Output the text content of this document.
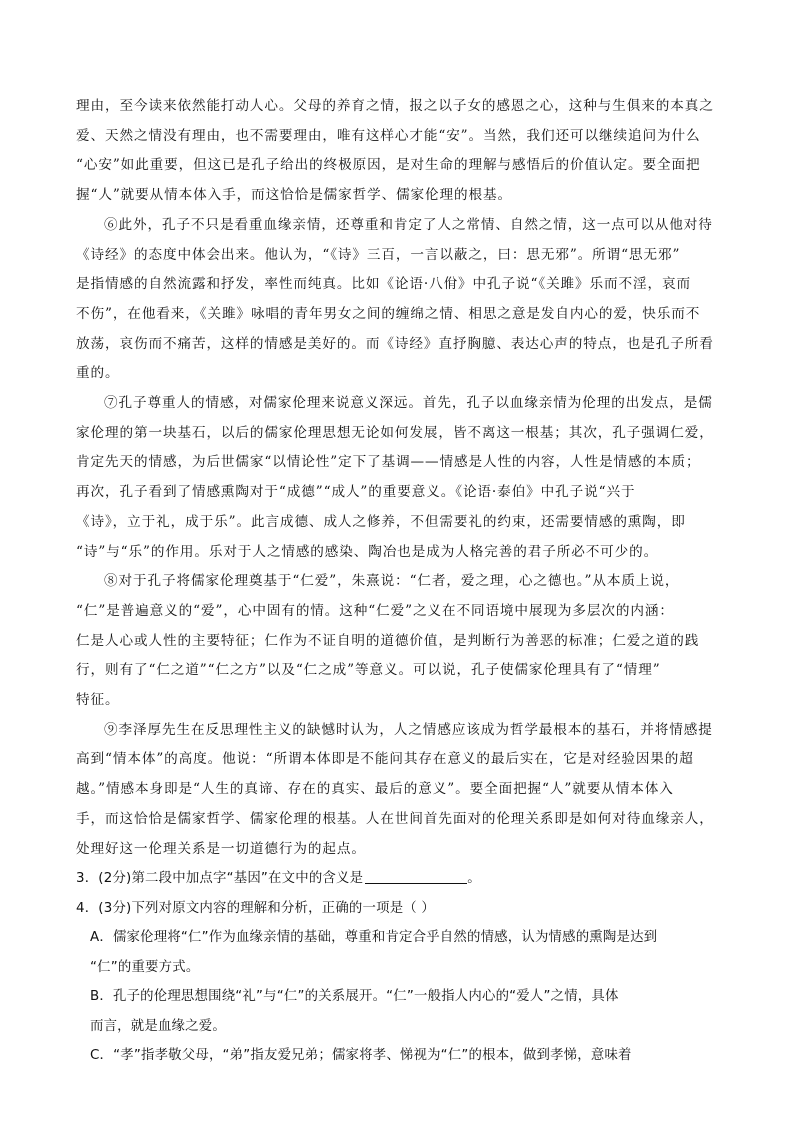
理由，至今读来依然能打动人心。父母的养育之情，报之以子女的感恩之心，这种与生俱来的本真之
爱、天然之情没有理由，也不需要理由，唯有这样心才能“安”。当然，我们还可以继续追问为什么
“心安”如此重要，但这已是孔子给出的终极原因，是对生命的理解与感悟后的价值认定。要全面把
握“人”就要从情本体入手，而这恰恰是儒家哲学、儒家伦理的根基。
⑥此外，孔子不只是看重血缘亲情，还尊重和肯定了人之常情、自然之情，这一点可以从他对待
《诗经》的态度中体会出来。他认为，“《诗》三百，一言以蔽之，曰：思无邪”。所谓“思无邪”
是指情感的自然流露和抒发，率性而纯真。比如《论语·八佾》中孔子说“《关雎》乐而不淫，哀而
不伤”，在他看来，《关雎》咏唱的青年男女之间的缠绵之情、相思之意是发自内心的爱，快乐而不
放荡，哀伤而不痛苦，这样的情感是美好的。而《诗经》直抒胸臆、表达心声的特点，也是孔子所看
重的。
⑦孔子尊重人的情感，对儒家伦理来说意义深远。首先，孔子以血缘亲情为伦理的出发点，是儒
家伦理的第一块基石，以后的儒家伦理思想无论如何发展，皆不离这一根基；其次，孔子强调仁爱，
肯定先天的情感，为后世儒家“以情论性”定下了基调——情感是人性的内容，人性是情感的本质；
再次，孔子看到了情感熏陶对于“成德”“成人”的重要意义。《论语·泰伯》中孔子说“兴于
《诗》，立于礼，成于乐”。此言成德、成人之修养，不但需要礼的约束，还需要情感的熏陶，即
“诗”与“乐”的作用。乐对于人之情感的感染、陶冶也是成为人格完善的君子所必不可少的。
⑧对于孔子将儒家伦理奠基于“仁爱”，朱熹说：“仁者，爱之理，心之德也。”从本质上说，
“仁”是普遍意义的“爱”，心中固有的情。这种“仁爱”之义在不同语境中展现为多层次的内涵：
仁是人心或人性的主要特征；仁作为不证自明的道德价值，是判断行为善恶的标准；仁爱之道的践
行，则有了“仁之道”“仁之方”以及“仁之成”等意义。可以说，孔子使儒家伦理具有了“情理”
特征。
⑨李泽厚先生在反思理性主义的缺憾时认为，人之情感应该成为哲学最根本的基石，并将情感提
高到“情本体”的高度。他说：“所谓本体即是不能问其存在意义的最后实在，它是对经验因果的超
越。”情感本身即是“人生的真谛、存在的真实、最后的意义”。要全面把握“人”就要从情本体入
手，而这恰恰是儒家哲学、儒家伦理的根基。人在世间首先面对的伦理关系即是如何对待血缘亲人，
处理好这一伦理关系是一切道德行为的起点。
3．(2分)第二段中加点字“基因”在文中的含义是	。
4．(3分)下列对原文内容的理解和分析，正确的一项是（ ）
A．儒家伦理将“仁”作为血缘亲情的基础，尊重和肯定合乎自然的情感，认为情感的熏陶是达到
“仁”的重要方式。
B．孔子的伦理思想围绕“礼”与“仁”的关系展开。“仁”一般指人内心的“爱人”之情，具体
而言，就是血缘之爱。
C．“孝”指孝敬父母，“弟”指友爱兄弟；儒家将孝、悌视为“仁”的根本，做到孝悌，意味着
